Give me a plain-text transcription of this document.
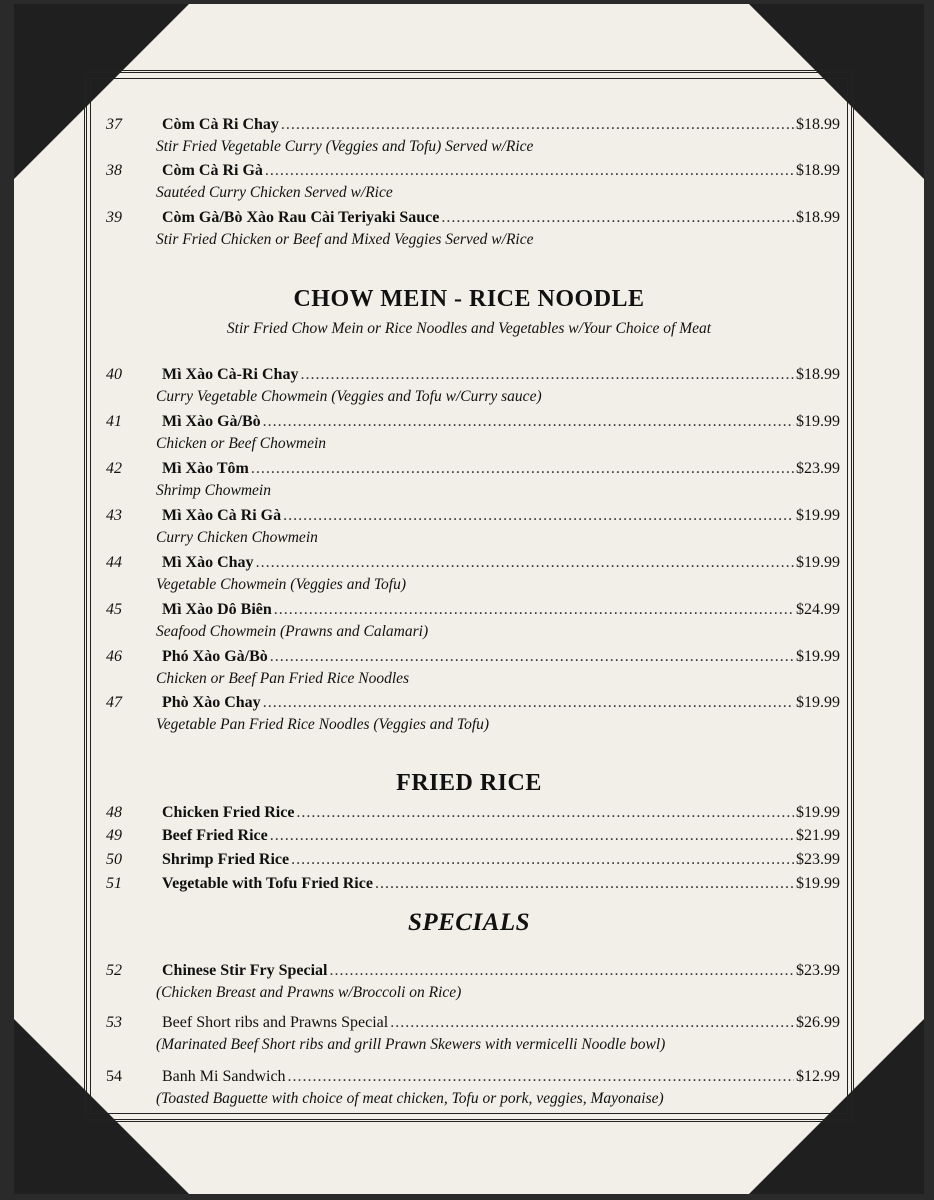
37	Còm Cà Ri Chay .....	$18.99
Stir Fried Vegetable Curry (Veggies and Tofu) Served w/Rice
38	Còm Cà Ri Gà .....	$18.99
Sautéed Curry Chicken Served w/Rice
39	Còm Gà/Bò Xào Rau Cài Teriyaki Sauce .....	$18.99
Stir Fried Chicken or Beef and Mixed Veggies Served w/Rice
CHOW MEIN - RICE NOODLE
Stir Fried Chow Mein or Rice Noodles and Vegetables w/Your Choice of Meat
40	Mì Xào Cà-Ri Chay .....	$18.99
Curry Vegetable Chowmein (Veggies and Tofu w/Curry sauce)
41	Mì Xào Gà/Bò .....	$19.99
Chicken or Beef Chowmein
42	Mì Xào Tôm .....	$23.99
Shrimp Chowmein
43	Mì Xào Cà Ri Gà .....	$19.99
Curry Chicken Chowmein
44	Mì Xào Chay .....	$19.99
Vegetable Chowmein (Veggies and Tofu)
45	Mì Xào Dô Biên .....	$24.99
Seafood Chowmein (Prawns and Calamari)
46	Phó Xào Gà/Bò .....	$19.99
Chicken or Beef Pan Fried Rice Noodles
47	Phò Xào Chay .....	$19.99
Vegetable Pan Fried Rice Noodles (Veggies and Tofu)
FRIED RICE
48	Chicken Fried Rice .....	$19.99
49	Beef Fried Rice .....	$21.99
50	Shrimp Fried Rice .....	$23.99
51	Vegetable with Tofu Fried Rice .....	$19.99
SPECIALS
52	Chinese Stir Fry Special .....	$23.99
(Chicken Breast and Prawns w/Broccoli on Rice)
53	Beef Short ribs and Prawns Special .....	$26.99
(Marinated Beef Short ribs and grill Prawn Skewers with vermicelli Noodle bowl)
54	Banh Mi Sandwich .....	$12.99
(Toasted Baguette with choice of meat chicken, Tofu or pork, veggies, Mayonaise)
